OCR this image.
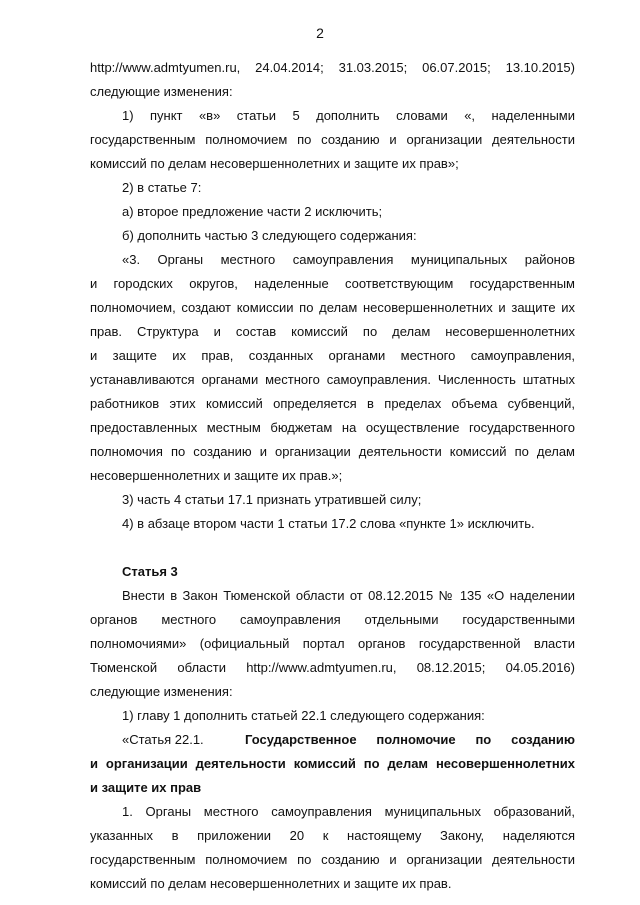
2
http://www.admtyumen.ru, 24.04.2014; 31.03.2015; 06.07.2015; 13.10.2015)
следующие изменения:
1) пункт «в» статьи 5 дополнить словами «, наделенными
государственным полномочием по созданию и организации деятельности
комиссий по делам несовершеннолетних и защите их прав»;
2) в статье 7:
а) второе предложение части 2 исключить;
б) дополнить частью 3 следующего содержания:
«3. Органы местного самоуправления муниципальных районов
и городских округов, наделенные соответствующим государственным
полномочием, создают комиссии по делам несовершеннолетних и защите их
прав. Структура и состав комиссий по делам несовершеннолетних
и защите их прав, созданных органами местного самоуправления,
устанавливаются органами местного самоуправления. Численность штатных
работников этих комиссий определяется в пределах объема субвенций,
предоставленных местным бюджетам на осуществление государственного
полномочия по созданию и организации деятельности комиссий по делам
несовершеннолетних и защите их прав.»;
3) часть 4 статьи 17.1 признать утратившей силу;
4) в абзаце втором части 1 статьи 17.2 слова «пункте 1» исключить.
Статья 3
Внести в Закон Тюменской области от 08.12.2015 № 135 «О наделении
органов местного самоуправления отдельными государственными
полномочиями» (официальный портал органов государственной власти
Тюменской области http://www.admtyumen.ru, 08.12.2015; 04.05.2016)
следующие изменения:
1) главу 1 дополнить статьей 22.1 следующего содержания:
«Статья 22.1.	Государственное полномочие по созданию
и организации деятельности комиссий по делам несовершеннолетних
и защите их прав
1. Органы местного самоуправления муниципальных образований,
указанных в приложении 20 к настоящему Закону, наделяются
государственным полномочием по созданию и организации деятельности
комиссий по делам несовершеннолетних и защите их прав.
